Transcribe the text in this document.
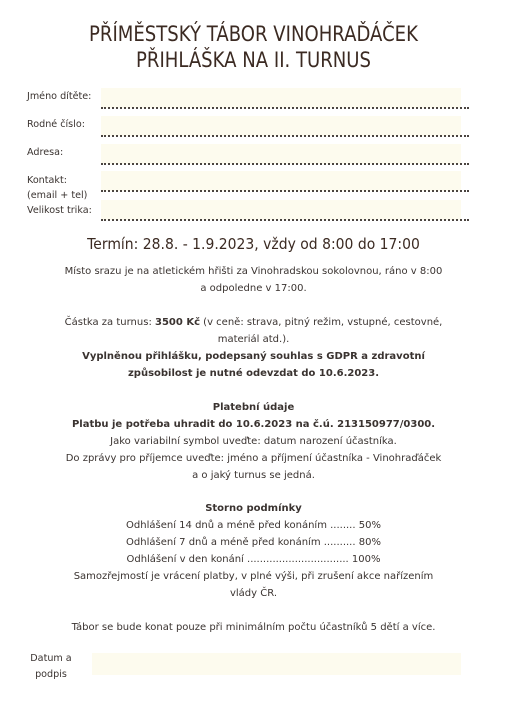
PŘÍMĚSTSKÝ TÁBOR VINOHRAĎÁČEK
PŘIHLÁŠKA NA II. TURNUS
Jméno dítěte:
Rodné číslo:
Adresa:
Kontakt:
(email + tel)
Velikost trika:
Termín: 28.8. - 1.9.2023, vždy od 8:00 do 17:00
Místo srazu je na atletickém hřišti za Vinohradskou sokolovnou, ráno v 8:00
a odpoledne v 17:00.
Částka za turnus: 3500 Kč (v ceně: strava, pitný režim, vstupné, cestovné,
materiál atd.).
Vyplněnou přihlášku, podepsaný souhlas s GDPR a zdravotní
způsobilost je nutné odevzdat do 10.6.2023.
Platební údaje
Platbu je potřeba uhradit do 10.6.2023 na č.ú. 213150977/0300.
Jako variabilní symbol uveďte: datum narození účastníka.
Do zprávy pro příjemce uveďte: jméno a příjmení účastníka - Vinohraďáček
a o jaký turnus se jedná.
Storno podmínky
Odhlášení 14 dnů a méně před konáním ........ 50%
Odhlášení 7 dnů a méně před konáním .......... 80%
Odhlášení v den konání ................................ 100%
Samozřejmostí je vrácení platby, v plné výši, při zrušení akce nařízením
vlády ČR.
Tábor se bude konat pouze při minimálním počtu účastníků 5 dětí a více.
Datum a
podpis
